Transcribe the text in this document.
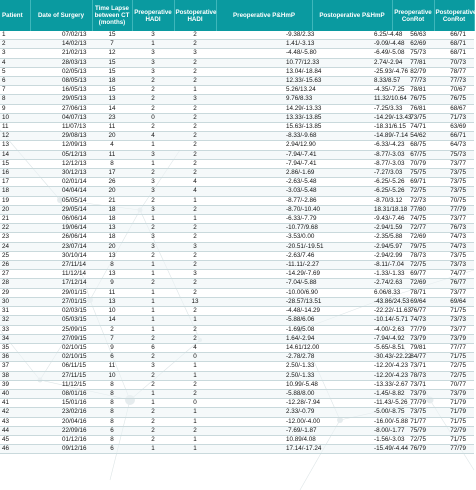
Patient	Date of Surgery	Time Lapse between CT (months)	Preoperative HADI	Postoperative HADI	Preoperative P&HmP	Postoperative P&HmP	Preoperative ConRot	Postoperative ConRot
1	07/02/13	15	3	2	-9.38/2.33	6.25/-4.48	56/63	66/71
2	14/02/13	7	1	2	1.41/-3.13	-9.09/-4.48	62/69	68/71
3	21/02/13	12	3	3	-4.48/-5.80	-6.49/-5.08	75/73	68/71
4	28/03/13	15	3	2	10.77/12.33	2.74/-2.94	77/81	70/73
5	02/05/13	15	3	2	13.04/-18.84	-25.93/-4.76	82/79	78/77
6	08/05/13	18	2	2	12.33/-15.63	8.33/8.57	77/73	77/73
7	16/05/13	15	2	1	5.26/13.24	-4.35/-7.25	78/81	70/67
8	29/05/13	13	2	3	9.76/8.33	11.32/10.64	76/75	76/75
9	27/06/13	14	2	2	14.29/-13.33	-7.25/3.33	76/81	68/67
10	04/07/13	23	0	2	13.33/-13.85	-14.29/-13.43	73/75	71/73
11	11/07/13	11	2	2	15.63/-13.85	-18.31/6.15	74/71	63/69
12	29/08/13	20	4	2	-8.33/-9.68	-14.89/-7.14	54/62	66/71
13	12/09/13	4	1	2	2.94/12.90	-6.33/-4.23	68/75	64/73
14	05/12/13	11	3	2	-7.94/-7.41	-8.77/-3.03	67/75	75/73
15	12/12/13	8	1	2	-7.94/-7.41	-8.77/-3.03	70/79	73/77
16	30/12/13	17	2	2	2.86/-1.69	-7.27/3.03	75/75	73/75
17	02/01/14	26	3	4	-2.63/-5.48	-6.25/-5.26	69/71	73/75
18	04/04/14	20	3	4	-3.03/-5.48	-6.25/-5.26	72/75	73/75
19	05/05/14	21	2	1	-8.77/-2.86	-8.70/3.12	72/73	70/75
20	29/05/14	18	3	2	-8.70/-10.40	18.31/18.18	77/80	77/79
21	06/06/14	18	1	1	-6.33/-7.79	-9.43/-7.46	74/75	73/77
22	19/06/14	13	2	2	-10.77/9.68	-2.94/1.59	72/77	76/73
23	26/06/14	18	3	2	-3.53/0.00	-2.35/5.88	72/69	74/73
24	23/07/14	20	3	3	-20.51/-19.51	-2.94/5.97	79/75	74/73
25	30/10/14	13	2	2	-2.63/7.46	-2.94/2.99	78/73	73/75
26	27/11/14	8	1	2	-11.11/-2.27	-8.11/-7.04	72/75	73/73
27	11/12/14	13	1	3	-14.29/-7.69	-1.33/-1.33	69/77	74/77
28	17/12/14	9	2	2	-7.04/-5.88	-2.74/2.63	72/69	76/77
29	29/01/15	11	1	2	-10.00/6.90	6.06/8.33	78/71	73/77
30	27/01/15	13	1	13	-28.57/13.51	-43.86/24.53	69/64	69/64
31	02/03/15	10	1	2	-4.48/-14.29	-22.22/-11.63	76/77	71/75
32	05/03/15	14	1	1	-5.88/6.06	-10.14/-5.71	74/73	73/73
33	25/09/15	2	1	2	-1.69/5.08	-4.00/-2.63	77/79	73/77
34	27/09/15	7	2	2	1.64/-2.94	-7.94/-4.92	73/79	73/79
35	02/10/15	9	6	4	14.61/12.00	-5.65/-8.51	79/81	77/77
36	02/10/15	6	2	0	-2.78/2.78	-30.43/-22.22	84/77	71/75
37	06/11/15	11	3	1	2.50/-1.33	-12.20/-4.23	73/71	72/75
38	27/11/15	10	2	1	2.50/-1.33	-12.20/-4.23	78/73	72/75
39	11/12/15	8	2	2	10.99/-5.48	-13.33/-2.67	73/71	70/77
40	08/01/16	8	1	2	-5.88/8.00	-1.45/-8.82	73/79	73/79
41	15/01/16	8	1	0	-12.28/-7.94	-11.43/-5.26	77/79	71/79
42	23/02/16	8	2	1	2.33/-0.79	-5.00/-8.75	73/75	71/79
43	20/04/16	8	2	1	-12.00/-4.00	-16.00/-5.88	71/77	71/75
44	22/09/16	6	2	2	-7.69/-1.87	-8.00/-1.77	75/79	72/79
45	01/12/16	8	2	1	10.89/4.08	-1.56/-3.03	72/75	71/75
46	09/12/16	6	1	1	17.14/-17.24	-15.49/-4.44	76/79	77/79
